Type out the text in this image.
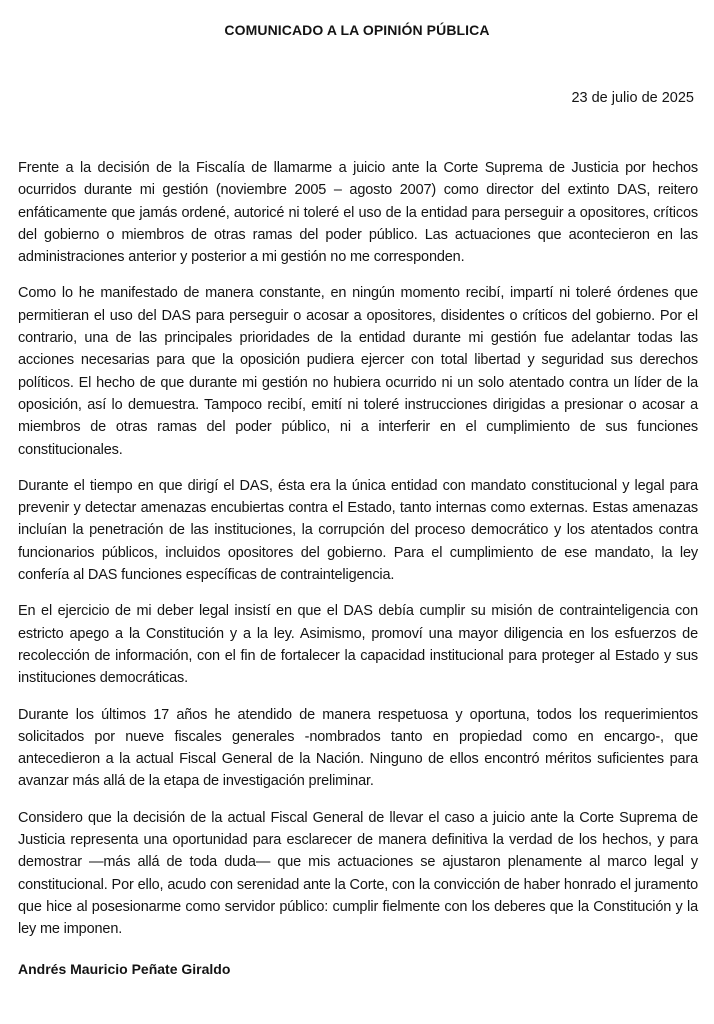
COMUNICADO A LA OPINIÓN PÚBLICA
23 de julio de 2025

Frente a la decisión de la Fiscalía de llamarme a juicio ante la Corte Suprema de Justicia por hechos ocurridos durante mi gestión (noviembre 2005 – agosto 2007) como director del extinto DAS, reitero enfáticamente que jamás ordené, autoricé ni toleré el uso de la entidad para perseguir a opositores, críticos del gobierno o miembros de otras ramas del poder público. Las actuaciones que acontecieron en las administraciones anterior y posterior a mi gestión no me corresponden.

Como lo he manifestado de manera constante, en ningún momento recibí, impartí ni toleré órdenes que permitieran el uso del DAS para perseguir o acosar a opositores, disidentes o críticos del gobierno. Por el contrario, una de las principales prioridades de la entidad durante mi gestión fue adelantar todas las acciones necesarias para que la oposición pudiera ejercer con total libertad y seguridad sus derechos políticos. El hecho de que durante mi gestión no hubiera ocurrido ni un solo atentado contra un líder de la oposición, así lo demuestra. Tampoco recibí, emití ni toleré instrucciones dirigidas a presionar o acosar a miembros de otras ramas del poder público, ni a interferir en el cumplimiento de sus funciones constitucionales.

Durante el tiempo en que dirigí el DAS, ésta era la única entidad con mandato constitucional y legal para prevenir y detectar amenazas encubiertas contra el Estado, tanto internas como externas. Estas amenazas incluían la penetración de las instituciones, la corrupción del proceso democrático y los atentados contra funcionarios públicos, incluidos opositores del gobierno. Para el cumplimiento de ese mandato, la ley confería al DAS funciones específicas de contrainteligencia.

En el ejercicio de mi deber legal insistí en que el DAS debía cumplir su misión de contrainteligencia con estricto apego a la Constitución y a la ley. Asimismo, promoví una mayor diligencia en los esfuerzos de recolección de información, con el fin de fortalecer la capacidad institucional para proteger al Estado y sus instituciones democráticas.

Durante los últimos 17 años he atendido de manera respetuosa y oportuna, todos los requerimientos solicitados por nueve fiscales generales -nombrados tanto en propiedad como en encargo-, que antecedieron a la actual Fiscal General de la Nación. Ninguno de ellos encontró méritos suficientes para avanzar más allá de la etapa de investigación preliminar.

Considero que la decisión de la actual Fiscal General de llevar el caso a juicio ante la Corte Suprema de Justicia representa una oportunidad para esclarecer de manera definitiva la verdad de los hechos, y para demostrar —más allá de toda duda— que mis actuaciones se ajustaron plenamente al marco legal y constitucional. Por ello, acudo con serenidad ante la Corte, con la convicción de haber honrado el juramento que hice al posesionarme como servidor público: cumplir fielmente con los deberes que la Constitución y la ley me imponen.

Andrés Mauricio Peñate Giraldo
